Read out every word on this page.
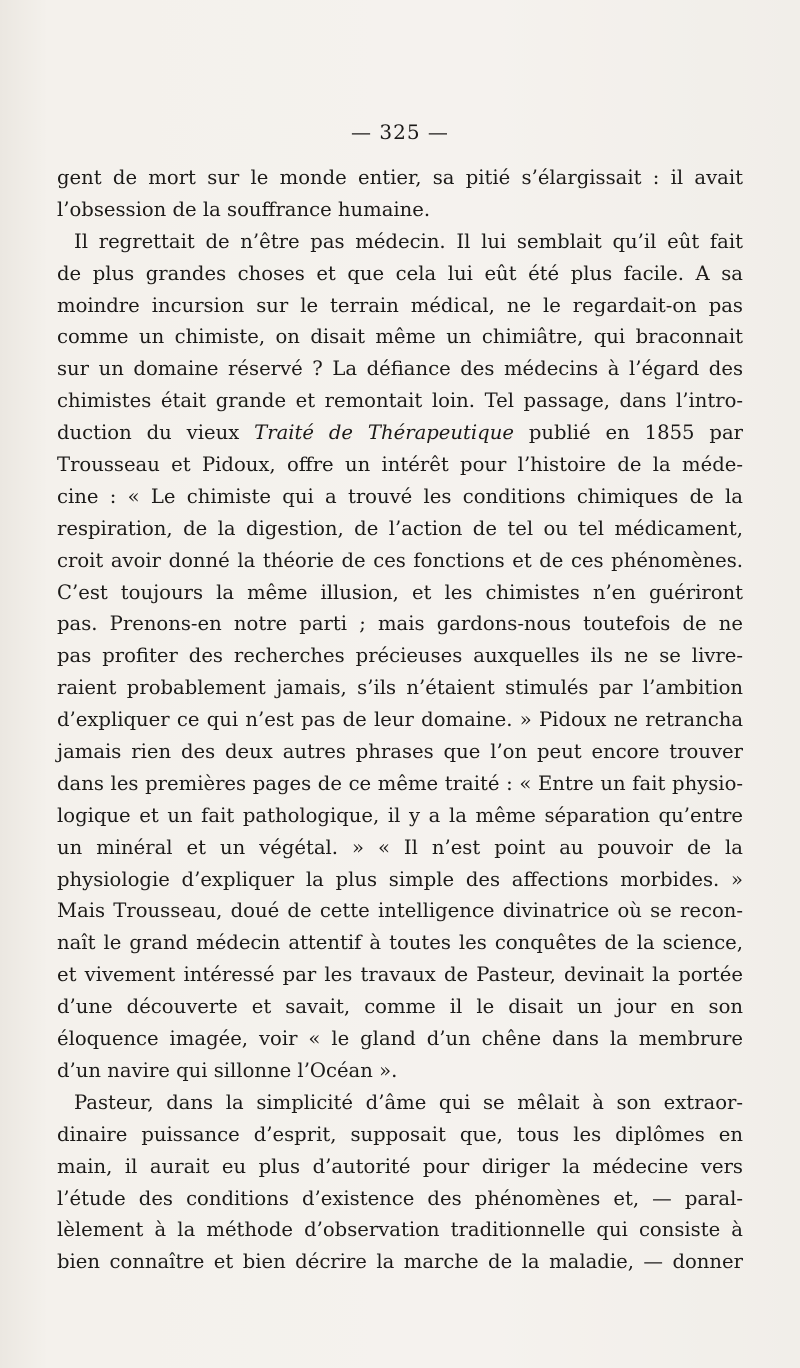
— 325 —
gent de mort sur le monde entier, sa pitié s’élargissait : il avait
l’obsession de la souffrance humaine.
Il regrettait de n’être pas médecin. Il lui semblait qu’il eût fait
de plus grandes choses et que cela lui eût été plus facile. A sa
moindre incursion sur le terrain médical, ne le regardait-on pas
comme un chimiste, on disait même un chimiâtre, qui braconnait
sur un domaine réservé ? La défiance des médecins à l’égard des
chimistes était grande et remontait loin. Tel passage, dans l’intro-
duction du vieux Traité de Thérapeutique publié en 1855 par
Trousseau et Pidoux, offre un intérêt pour l’histoire de la méde-
cine : « Le chimiste qui a trouvé les conditions chimiques de la
respiration, de la digestion, de l’action de tel ou tel médicament,
croit avoir donné la théorie de ces fonctions et de ces phénomènes.
C’est toujours la même illusion, et les chimistes n’en guériront
pas. Prenons-en notre parti ; mais gardons-nous toutefois de ne
pas profiter des recherches précieuses auxquelles ils ne se livre-
raient probablement jamais, s’ils n’étaient stimulés par l’ambition
d’expliquer ce qui n’est pas de leur domaine. » Pidoux ne retrancha
jamais rien des deux autres phrases que l’on peut encore trouver
dans les premières pages de ce même traité : « Entre un fait physio-
logique et un fait pathologique, il y a la même séparation qu’entre
un minéral et un végétal. » « Il n’est point au pouvoir de la
physiologie d’expliquer la plus simple des affections morbides. »
Mais Trousseau, doué de cette intelligence divinatrice où se recon-
naît le grand médecin attentif à toutes les conquêtes de la science,
et vivement intéressé par les travaux de Pasteur, devinait la portée
d’une découverte et savait, comme il le disait un jour en son
éloquence imagée, voir « le gland d’un chêne dans la membrure
d’un navire qui sillonne l’Océan ».
Pasteur, dans la simplicité d’âme qui se mêlait à son extraor-
dinaire puissance d’esprit, supposait que, tous les diplômes en
main, il aurait eu plus d’autorité pour diriger la médecine vers
l’étude des conditions d’existence des phénomènes et, — paral-
lèlement à la méthode d’observation traditionnelle qui consiste à
bien connaître et bien décrire la marche de la maladie, — donner
